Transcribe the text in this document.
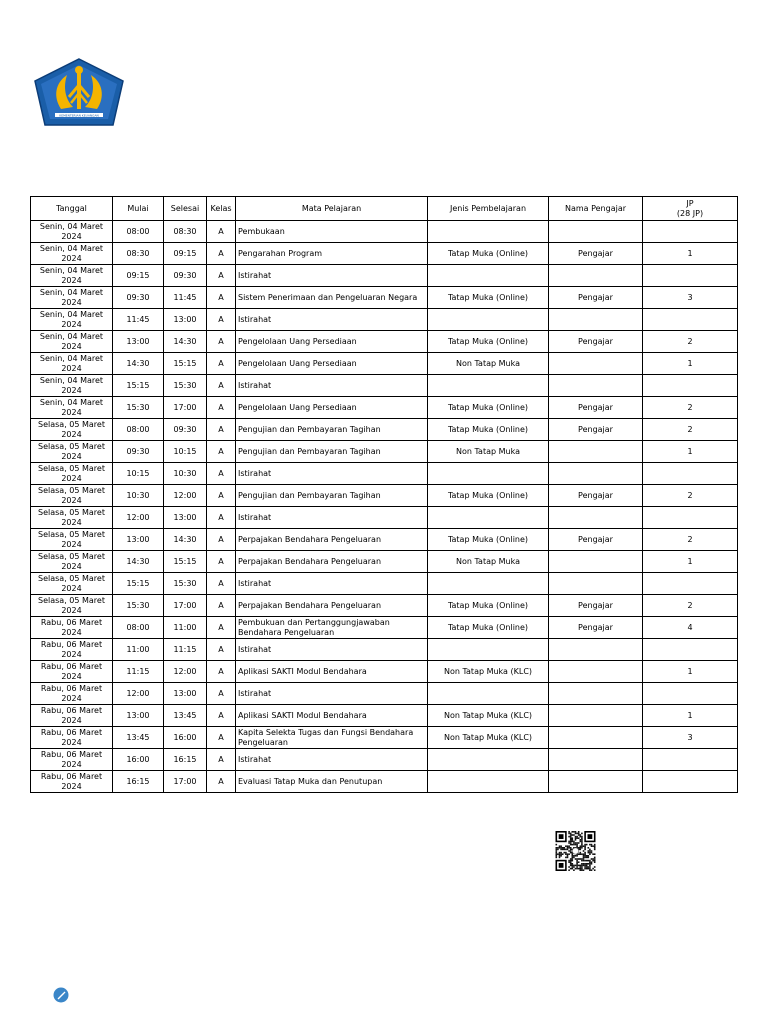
KEMENTERIAN KEUANGAN
Tanggal	Mulai	Selesai	Kelas	Mata Pelajaran	Jenis Pembelajaran	Nama Pengajar	JP
(28 JP)

Senin, 04 Maret 2024	08:00	08:30	A	Pembukaan			
Senin, 04 Maret 2024	08:30	09:15	A	Pengarahan Program	Tatap Muka (Online)	Pengajar	1
Senin, 04 Maret 2024	09:15	09:30	A	Istirahat			
Senin, 04 Maret 2024	09:30	11:45	A	Sistem Penerimaan dan Pengeluaran Negara	Tatap Muka (Online)	Pengajar	3
Senin, 04 Maret 2024	11:45	13:00	A	Istirahat			
Senin, 04 Maret 2024	13:00	14:30	A	Pengelolaan Uang Persediaan	Tatap Muka (Online)	Pengajar	2
Senin, 04 Maret 2024	14:30	15:15	A	Pengelolaan Uang Persediaan	Non Tatap Muka		1
Senin, 04 Maret 2024	15:15	15:30	A	Istirahat			
Senin, 04 Maret 2024	15:30	17:00	A	Pengelolaan Uang Persediaan	Tatap Muka (Online)	Pengajar	2
Selasa, 05 Maret 2024	08:00	09:30	A	Pengujian dan Pembayaran Tagihan	Tatap Muka (Online)	Pengajar	2
Selasa, 05 Maret 2024	09:30	10:15	A	Pengujian dan Pembayaran Tagihan	Non Tatap Muka		1
Selasa, 05 Maret 2024	10:15	10:30	A	Istirahat			
Selasa, 05 Maret 2024	10:30	12:00	A	Pengujian dan Pembayaran Tagihan	Tatap Muka (Online)	Pengajar	2
Selasa, 05 Maret 2024	12:00	13:00	A	Istirahat			
Selasa, 05 Maret 2024	13:00	14:30	A	Perpajakan Bendahara Pengeluaran	Tatap Muka (Online)	Pengajar	2
Selasa, 05 Maret 2024	14:30	15:15	A	Perpajakan Bendahara Pengeluaran	Non Tatap Muka		1
Selasa, 05 Maret 2024	15:15	15:30	A	Istirahat			
Selasa, 05 Maret 2024	15:30	17:00	A	Perpajakan Bendahara Pengeluaran	Tatap Muka (Online)	Pengajar	2
Rabu, 06 Maret 2024	08:00	11:00	A	Pembukuan dan Pertanggungjawaban Bendahara Pengeluaran	Tatap Muka (Online)	Pengajar	4
Rabu, 06 Maret 2024	11:00	11:15	A	Istirahat			
Rabu, 06 Maret 2024	11:15	12:00	A	Aplikasi SAKTI Modul Bendahara	Non Tatap Muka (KLC)		1
Rabu, 06 Maret 2024	12:00	13:00	A	Istirahat			
Rabu, 06 Maret 2024	13:00	13:45	A	Aplikasi SAKTI Modul Bendahara	Non Tatap Muka (KLC)		1
Rabu, 06 Maret 2024	13:45	16:00	A	Kapita Selekta Tugas dan Fungsi Bendahara Pengeluaran	Non Tatap Muka (KLC)		3
Rabu, 06 Maret 2024	16:00	16:15	A	Istirahat			
Rabu, 06 Maret 2024	16:15	17:00	A	Evaluasi Tatap Muka dan Penutupan			
